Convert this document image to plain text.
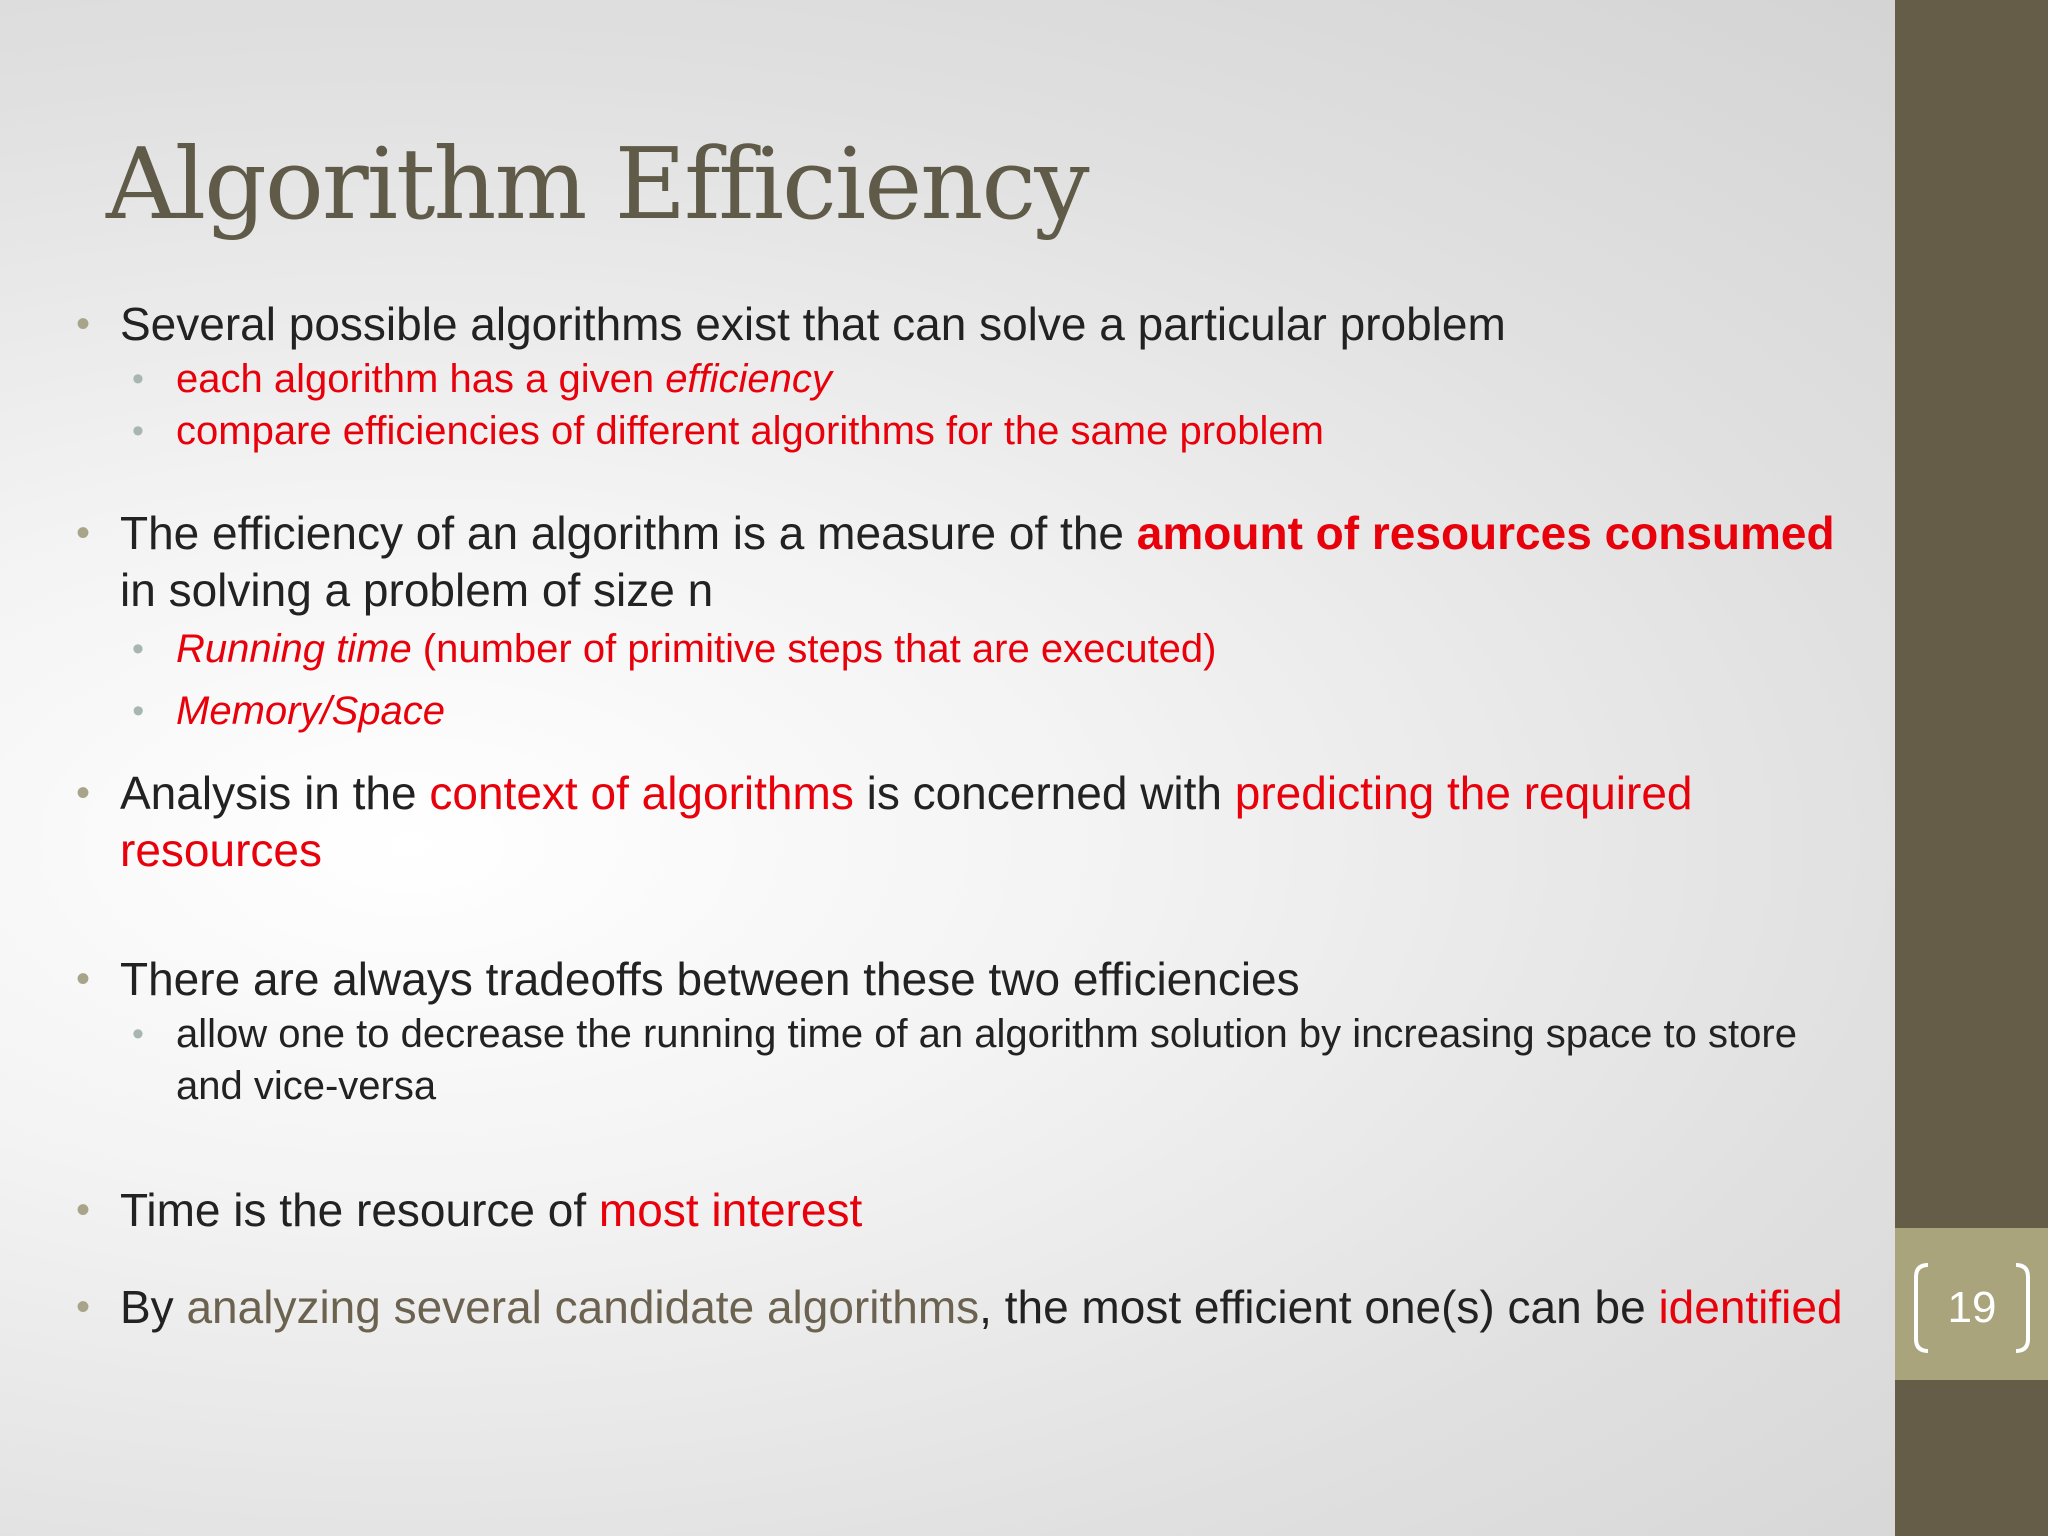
Algorithm Efficiency
• Several possible algorithms exist that can solve a particular problem
• each algorithm has a given efficiency
• compare efficiencies of different algorithms for the same problem
• The efficiency of an algorithm is a measure of the amount of resources consumed in solving a problem of size n
• Running time (number of primitive steps that are executed)
• Memory/Space
• Analysis in the context of algorithms is concerned with predicting the required resources
• There are always tradeoffs between these two efficiencies
• allow one to decrease the running time of an algorithm solution by increasing space to store and vice-versa
• Time is the resource of most interest
• By analyzing several candidate algorithms, the most efficient one(s) can be identified	19
